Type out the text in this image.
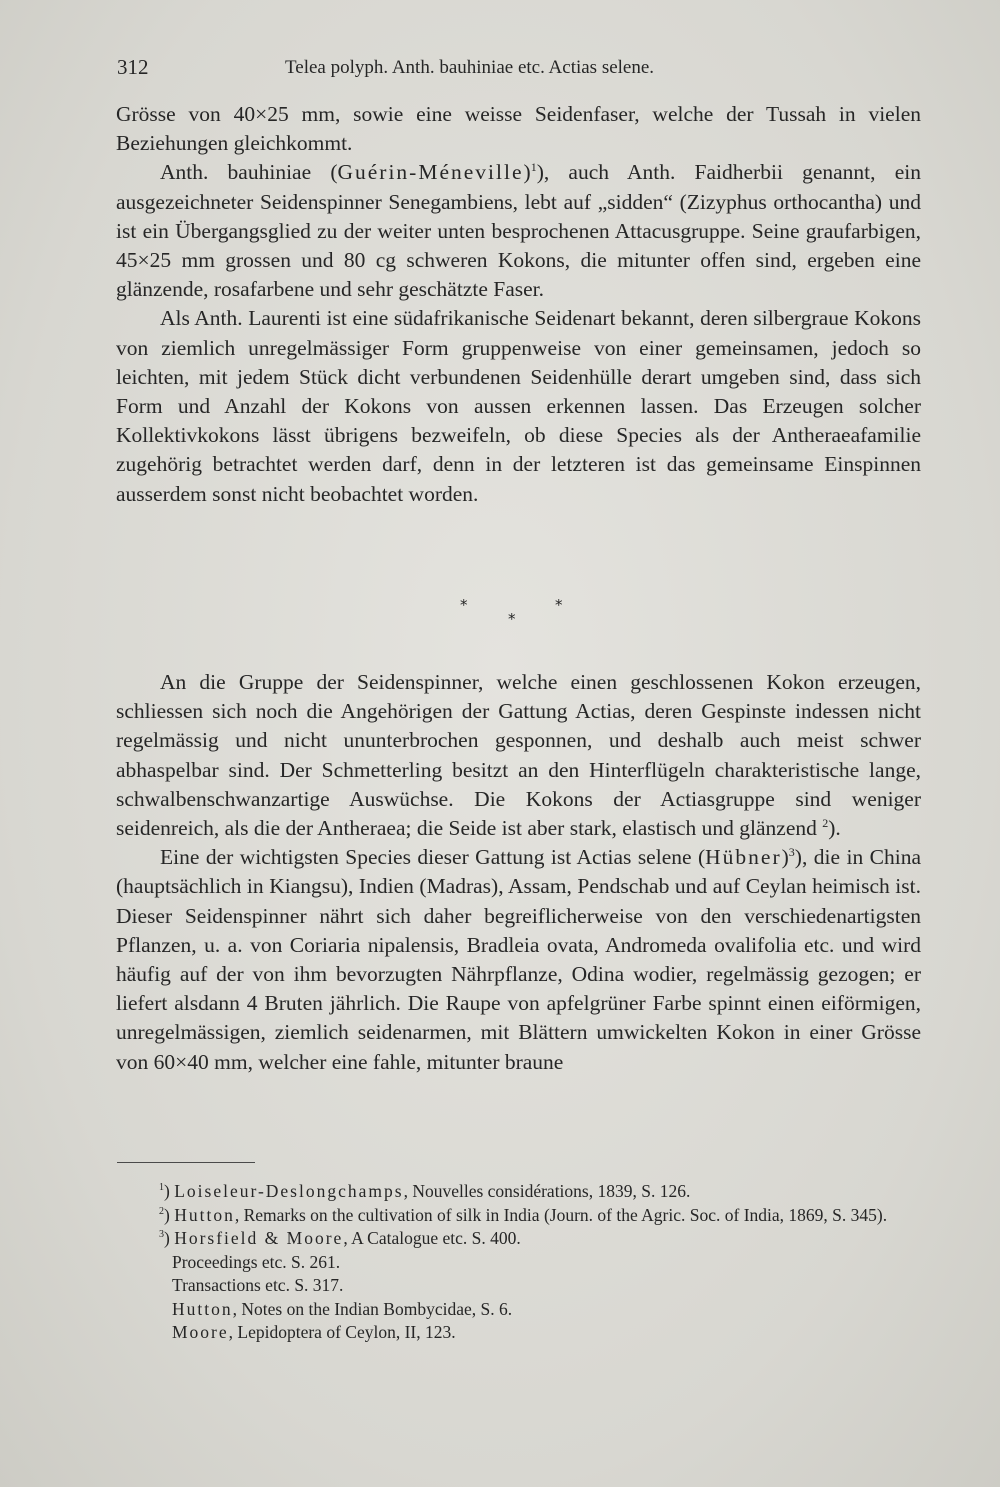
312	Telea polyph. Anth. bauhiniae etc. Actias selene.

Grösse von 40×25 mm, sowie eine weisse Seidenfaser, welche der Tussah in vielen Beziehungen gleichkommt.

Anth. bauhiniae (Guérin-Méneville)$^1$), auch Anth. Faidherbii genannt, ein ausgezeichneter Seidenspinner Senegambiens, lebt auf „sidden“ (Zizyphus orthocantha) und ist ein Übergangsglied zu der weiter unten besprochenen Attacusgruppe. Seine graufarbigen, 45×25 mm grossen und 80 cg schweren Kokons, die mitunter offen sind, ergeben eine glänzende, rosafarbene und sehr geschätzte Faser.

Als Anth. Laurenti ist eine südafrikanische Seidenart bekannt, deren silbergraue Kokons von ziemlich unregelmässiger Form gruppenweise von einer gemeinsamen, jedoch so leichten, mit jedem Stück dicht verbundenen Seidenhülle derart umgeben sind, dass sich Form und Anzahl der Kokons von aussen erkennen lassen. Das Erzeugen solcher Kollektivkokons lässt übrigens bezweifeln, ob diese Species als der Antheraeafamilie zugehörig betrachtet werden darf, denn in der letzteren ist das gemeinsame Einspinnen ausserdem sonst nicht beobachtet worden.

*	*
*

An die Gruppe der Seidenspinner, welche einen geschlossenen Kokon erzeugen, schliessen sich noch die Angehörigen der Gattung Actias, deren Gespinste indessen nicht regelmässig und nicht ununterbrochen gesponnen, und deshalb auch meist schwer abhaspelbar sind. Der Schmetterling besitzt an den Hinterflügeln charakteristische lange, schwalbenschwanzartige Auswüchse. Die Kokons der Actiasgruppe sind weniger seidenreich, als die der Antheraea; die Seide ist aber stark, elastisch und glänzend $^2$).

Eine der wichtigsten Species dieser Gattung ist Actias selene (Hübner)$^3$), die in China (hauptsächlich in Kiangsu), Indien (Madras), Assam, Pendschab und auf Ceylan heimisch ist. Dieser Seidenspinner nährt sich daher begreiflicherweise von den verschiedenartigsten Pflanzen, u. a. von Coriaria nipalensis, Bradleia ovata, Andromeda ovalifolia etc. und wird häufig auf der von ihm bevorzugten Nährpflanze, Odina wodier, regelmässig gezogen; er liefert alsdann 4 Bruten jährlich. Die Raupe von apfelgrüner Farbe spinnt einen eiförmigen, unregelmässigen, ziemlich seidenarmen, mit Blättern umwickelten Kokon in einer Grösse von 60×40 mm, welcher eine fahle, mitunter braune

$^1$) Loiseleur-Deslongchamps, Nouvelles considérations, 1839, S. 126.

$^2$) Hutton, Remarks on the cultivation of silk in India (Journ. of the Agric. Soc. of India, 1869, S. 345).

$^3$) Horsfield & Moore, A Catalogue etc. S. 400.

Proceedings etc. S. 261.

Transactions etc. S. 317.

Hutton, Notes on the Indian Bombycidae, S. 6.

Moore, Lepidoptera of Ceylon, II, 123.
